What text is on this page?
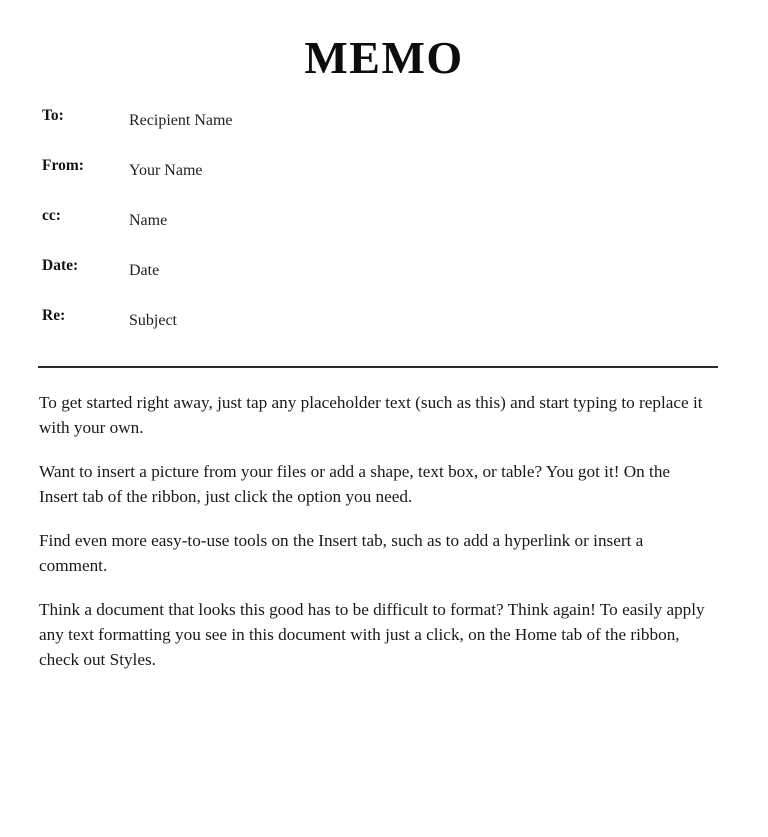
MEMO
To:	Recipient Name
From:	Your Name
cc:	Name
Date:	Date
Re:	Subject

To get started right away, just tap any placeholder text (such as this) and start typing to replace it with your own.

Want to insert a picture from your files or add a shape, text box, or table? You got it! On the Insert tab of the ribbon, just click the option you need.

Find even more easy-to-use tools on the Insert tab, such as to add a hyperlink or insert a comment.

Think a document that looks this good has to be difficult to format? Think again! To easily apply any text formatting you see in this document with just a click, on the Home tab of the ribbon, check out Styles.
